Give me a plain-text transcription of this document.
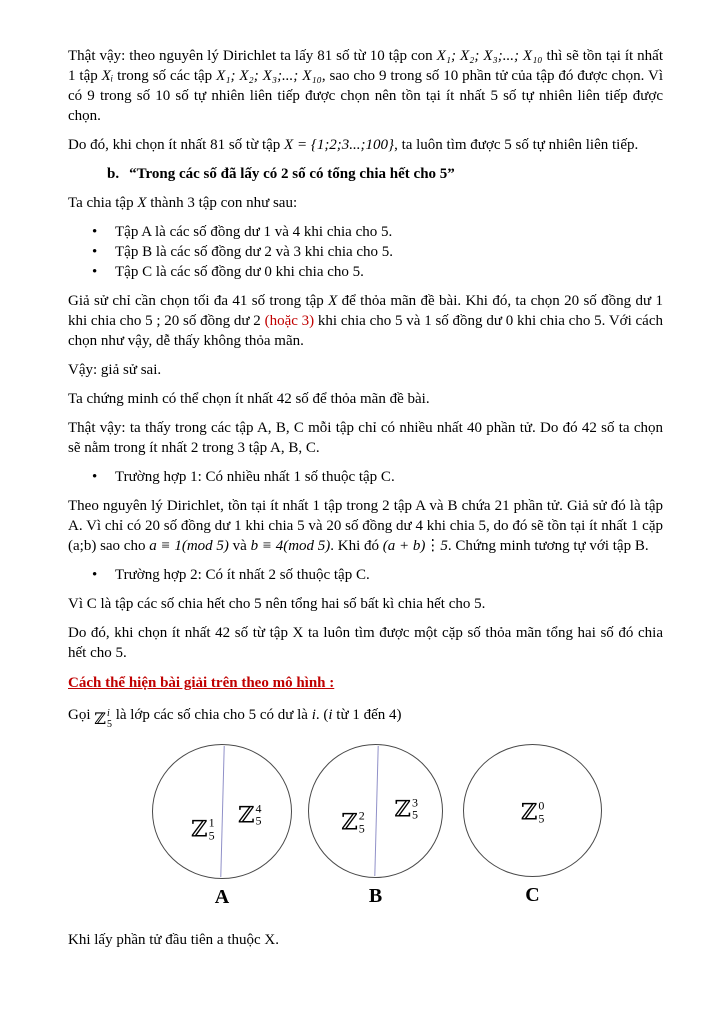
Thật vậy: theo nguyên lý Dirichlet ta lấy 81 số từ 10 tập con X₁; X₂; X₃;...; X₁₀ thì sẽ tồn tại ít nhất 1 tập Xᵢ trong số các tập X₁; X₂; X₃;...; X₁₀, sao cho 9 trong số 10 phần tử của tập đó được chọn. Vì có 9 trong số 10 số tự nhiên liên tiếp được chọn nên tồn tại ít nhất 5 số tự nhiên liên tiếp được chọn.

Do đó, khi chọn ít nhất 81 số từ tập X = {1;2;3...;100}, ta luôn tìm được 5 số tự nhiên liên tiếp.

b. “Trong các số đã lấy có 2 số có tổng chia hết cho 5”

Ta chia tập X thành 3 tập con như sau:

•	Tập A là các số đồng dư 1 và 4 khi chia cho 5.
•	Tập B là các số đồng dư 2 và 3 khi chia cho 5.
•	Tập C là các số đồng dư 0 khi chia cho 5.

Giả sử chỉ cần chọn tối đa 41 số trong tập X để thỏa mãn đề bài. Khi đó, ta chọn 20 số đồng dư 1 khi chia cho 5 ; 20 số đồng dư 2 (hoặc 3) khi chia cho 5 và 1 số đồng dư 0 khi chia cho 5. Với cách chọn như vậy, dễ thấy không thỏa mãn.

Vậy: giả sử sai.

Ta chứng minh có thể chọn ít nhất 42 số để thỏa mãn đề bài.

Thật vậy: ta thấy trong các tập A, B, C mỗi tập chỉ có nhiều nhất 40 phần tử. Do đó 42 số ta chọn sẽ nằm trong ít nhất 2 trong 3 tập A, B, C.

•	Trường hợp 1: Có nhiều nhất 1 số thuộc tập C.

Theo nguyên lý Dirichlet, tồn tại ít nhất 1 tập trong 2 tập A và B chứa 21 phần tử. Giả sử đó là tập A. Vì chỉ có 20 số đồng dư 1 khi chia 5 và 20 số đồng dư 4 khi chia 5, do đó sẽ tồn tại ít nhất 1 cặp (a;b) sao cho a ≡ 1(mod 5) và b ≡ 4(mod 5). Khi đó (a + b)⋮5. Chứng minh tương tự với tập B.

•	Trường hợp 2: Có ít nhất 2 số thuộc tập C.

Vì C là tập các số chia hết cho 5 nên tổng hai số bất kì chia hết cho 5.

Do đó, khi chọn ít nhất 42 số từ tập X ta luôn tìm được một cặp số thỏa mãn tổng hai số đó chia hết cho 5.

Cách thể hiện bài giải trên theo mô hình :

Gọi ℤ i
5
là lớp các số chia cho 5 có dư là i. (i từ 1 đến 4)

ℤ 1
5
ℤ 4
5
A
ℤ 2
5
ℤ 3
5
B
ℤ 0
5
C

Khi lấy phần tử đầu tiên a thuộc X.
